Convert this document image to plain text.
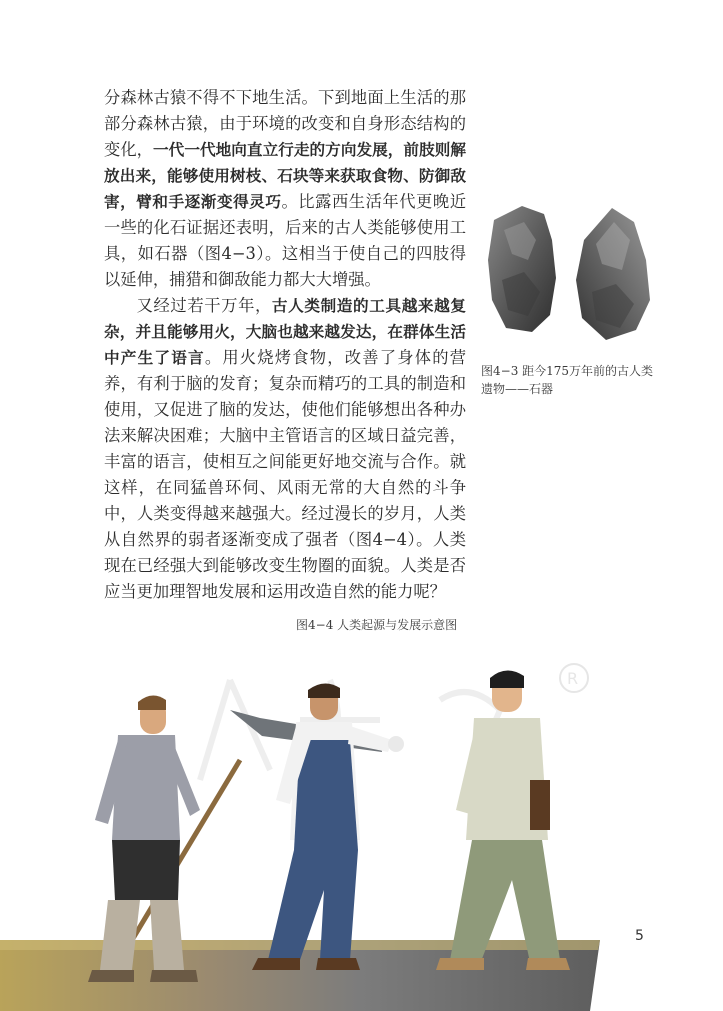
分森林古猿不得不下地生活。下到地面上生活的那部分森林古猿，由于环境的改变和自身形态结构的变化，一代一代地向直立行走的方向发展，前肢则解放出来，能够使用树枝、石块等来获取食物、防御敌害，臂和手逐渐变得灵巧。比露西生活年代更晚近一些的化石证据还表明，后来的古人类能够使用工具，如石器（图4−3）。这相当于使自己的四肢得以延伸，捕猎和御敌能力都大大增强。

又经过若干万年，古人类制造的工具越来越复杂，并且能够用火，大脑也越来越发达，在群体生活中产生了语言。用火烧烤食物，改善了身体的营养，有利于脑的发育；复杂而精巧的工具的制造和使用，又促进了脑的发达，使他们能够想出各种办法来解决困难；大脑中主管语言的区域日益完善，丰富的语言，使相互之间能更好地交流与合作。就这样，在同猛兽环伺、风雨无常的大自然的斗争中，人类变得越来越强大。经过漫长的岁月，人类从自然界的弱者逐渐变成了强者（图4−4）。人类现在已经强大到能够改变生物圈的面貌。人类是否应当更加理智地发展和运用改造自然的能力呢？

图4−3 距今175万年前的古人类遗物——石器
图4−4 人类起源与发展示意图
R
5
